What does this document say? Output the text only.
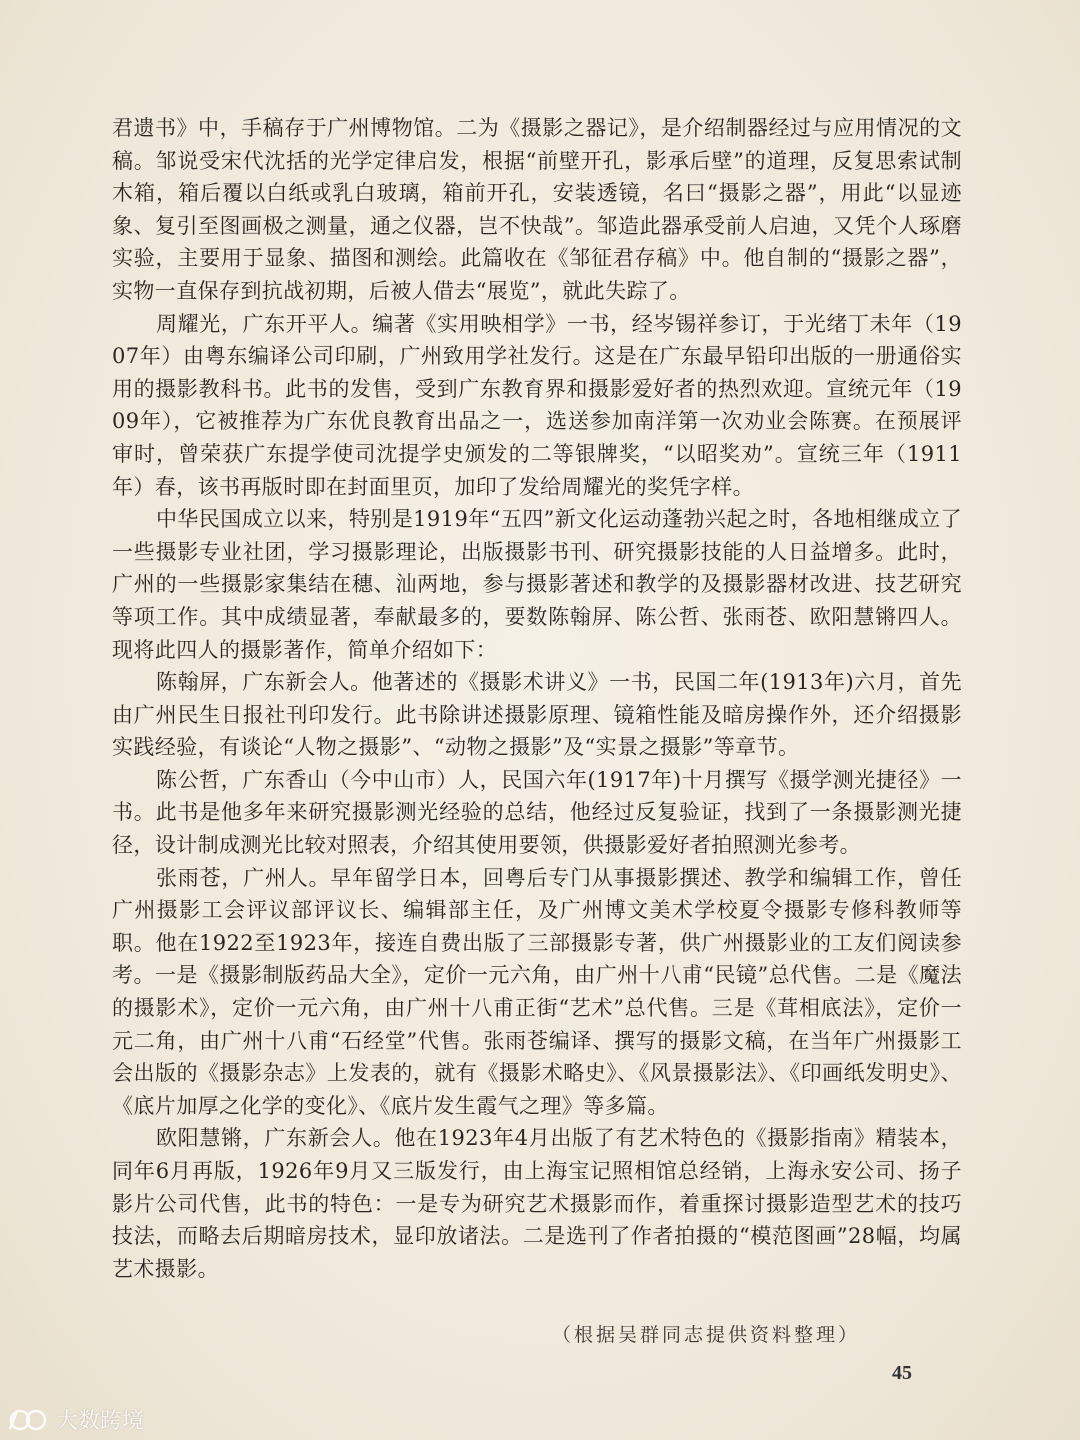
君遗书》中，手稿存于广州博物馆。二为《摄影之器记》，是介绍制器经过与应用情况的文稿。邹说受宋代沈括的光学定律启发，根据“前壁开孔，影承后壁”的道理，反复思索试制木箱，箱后覆以白纸或乳白玻璃，箱前开孔，安装透镜，名曰“摄影之器”，用此“以显迹象、复引至图画极之测量，通之仪器，岂不快哉”。邹造此器承受前人启迪，又凭个人琢磨实验，主要用于显象、描图和测绘。此篇收在《邹征君存稿》中。他自制的“摄影之器”，实物一直保存到抗战初期，后被人借去“展览”，就此失踪了。

周耀光，广东开平人。编著《实用映相学》一书，经岑锡祥参订，于光绪丁未年（1907年）由粤东编译公司印刷，广州致用学社发行。这是在广东最早铅印出版的一册通俗实用的摄影教科书。此书的发售，受到广东教育界和摄影爱好者的热烈欢迎。宣统元年（1909年），它被推荐为广东优良教育出品之一，选送参加南洋第一次劝业会陈赛。在预展评审时，曾荣获广东提学使司沈提学史颁发的二等银牌奖，“以昭奖劝”。宣统三年（1911年）春，该书再版时即在封面里页，加印了发给周耀光的奖凭字样。

中华民国成立以来，特别是1919年“五四”新文化运动蓬勃兴起之时，各地相继成立了一些摄影专业社团，学习摄影理论，出版摄影书刊、研究摄影技能的人日益增多。此时，广州的一些摄影家集结在穗、汕两地，参与摄影著述和教学的及摄影器材改进、技艺研究等项工作。其中成绩显著，奉献最多的，要数陈翰屏、陈公哲、张雨苍、欧阳慧锵四人。现将此四人的摄影著作，简单介绍如下：

陈翰屏，广东新会人。他著述的《摄影术讲义》一书，民国二年(1913年)六月，首先由广州民生日报社刊印发行。此书除讲述摄影原理、镜箱性能及暗房操作外，还介绍摄影实践经验，有谈论“人物之摄影”、“动物之摄影”及“实景之摄影”等章节。

陈公哲，广东香山（今中山市）人，民国六年(1917年)十月撰写《摄学测光捷径》一书。此书是他多年来研究摄影测光经验的总结，他经过反复验证，找到了一条摄影测光捷径，设计制成测光比较对照表，介绍其使用要领，供摄影爱好者拍照测光参考。

张雨苍，广州人。早年留学日本，回粤后专门从事摄影撰述、教学和编辑工作，曾任广州摄影工会评议部评议长、编辑部主任，及广州博文美术学校夏令摄影专修科教师等职。他在1922至1923年，接连自费出版了三部摄影专著，供广州摄影业的工友们阅读参考。一是《摄影制版药品大全》，定价一元六角，由广州十八甫“民镜”总代售。二是《魔法的摄影术》，定价一元六角，由广州十八甫正街“艺术”总代售。三是《茸相底法》，定价一元二角，由广州十八甫“石经堂”代售。张雨苍编译、撰写的摄影文稿，在当年广州摄影工会出版的《摄影杂志》上发表的，就有《摄影术略史》、《风景摄影法》、《印画纸发明史》、《底片加厚之化学的变化》、《底片发生霞气之理》等多篇。

欧阳慧锵，广东新会人。他在1923年4月出版了有艺术特色的《摄影指南》精装本，同年6月再版，1926年9月又三版发行，由上海宝记照相馆总经销，上海永安公司、扬子影片公司代售，此书的特色：一是专为研究艺术摄影而作，着重探讨摄影造型艺术的技巧技法，而略去后期暗房技术，显印放诸法。二是选刊了作者拍摄的“模范图画”28幅，均属艺术摄影。

（根据吴群同志提供资料整理）
45
大数跨境
